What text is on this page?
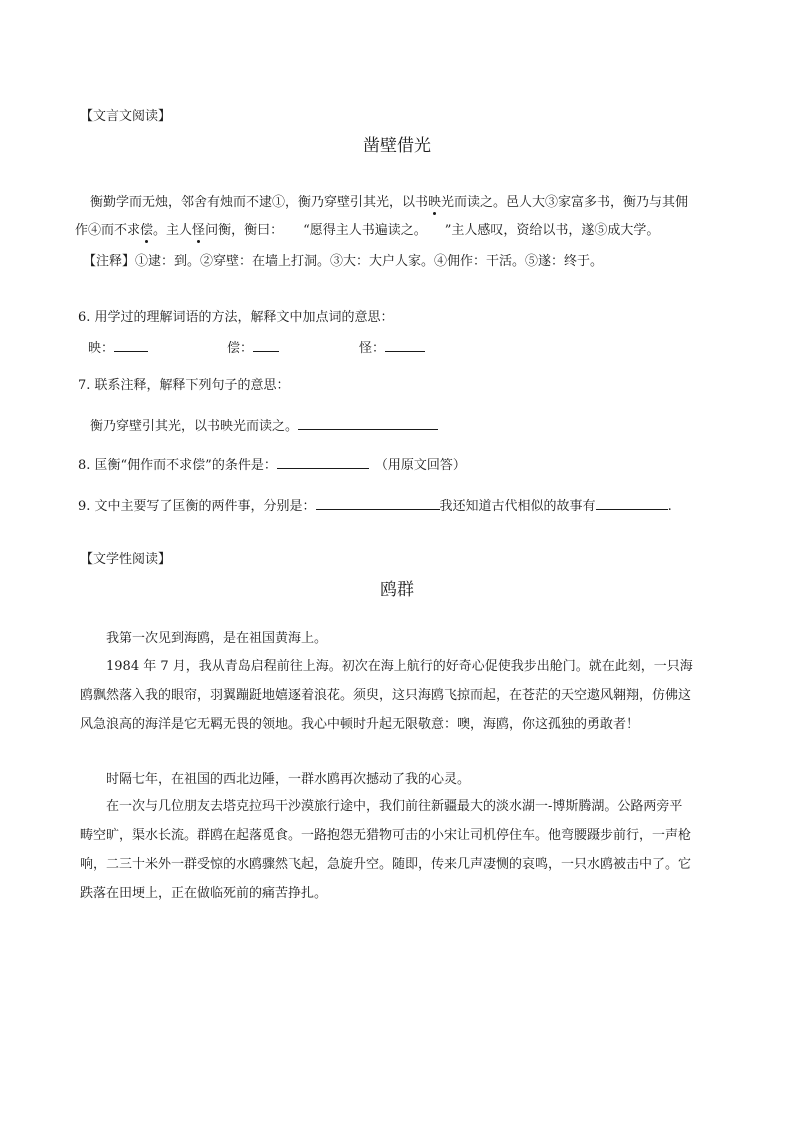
【文言文阅读】
凿壁借光
衡勤学而无烛，邻舍有烛而不逮①，衡乃穿壁引其光，以书映光而读之。邑人大③家富多书，衡乃与其佣
作④而不求偿。主人怪问衡，衡曰： “愿得主人书遍读之。 ”主人感叹，资给以书，遂⑤成大学。
【注释】①逮：到。②穿壁：在墙上打洞。③大：大户人家。④佣作：干活。⑤遂：终于。
6. 用学过的理解词语的方法，解释文中加点词的意思：
映：	偿：	怪：
7. 联系注释，解释下列句子的意思：
衡乃穿壁引其光，以书映光而读之。
8. 匡衡“佣作而不求偿”的条件是：	（用原文回答）
9. 文中主要写了匡衡的两件事，分别是：	我还知道古代相似的故事有	.
【文学性阅读】
鸥群
我第一次见到海鸥，是在祖国黄海上。
1984 年 7 月，我从青岛启程前往上海。初次在海上航行的好奇心促使我步出舱门。就在此刻，一只海
鸥飘然落入我的眼帘，羽翼蹦跹地嬉逐着浪花。须臾，这只海鸥飞掠而起，在苍茫的天空遨风翱翔，仿佛这
风急浪高的海洋是它无羁无畏的领地。我心中顿时升起无限敬意：噢，海鸥，你这孤独的勇敢者！
时隔七年，在祖国的西北边陲，一群水鸥再次撼动了我的心灵。
在一次与几位朋友去塔克拉玛干沙漠旅行途中，我们前往新疆最大的淡水湖一-博斯腾湖。公路两旁平
畴空旷，渠水长流。群鸥在起落觅食。一路抱怨无猎物可击的小宋让司机停住车。他弯腰蹑步前行，一声枪
响，二三十米外一群受惊的水鸥骤然飞起，急旋升空。随即，传来几声凄恻的哀鸣，一只水鸥被击中了。它
跌落在田埂上，正在做临死前的痛苦挣扎。
